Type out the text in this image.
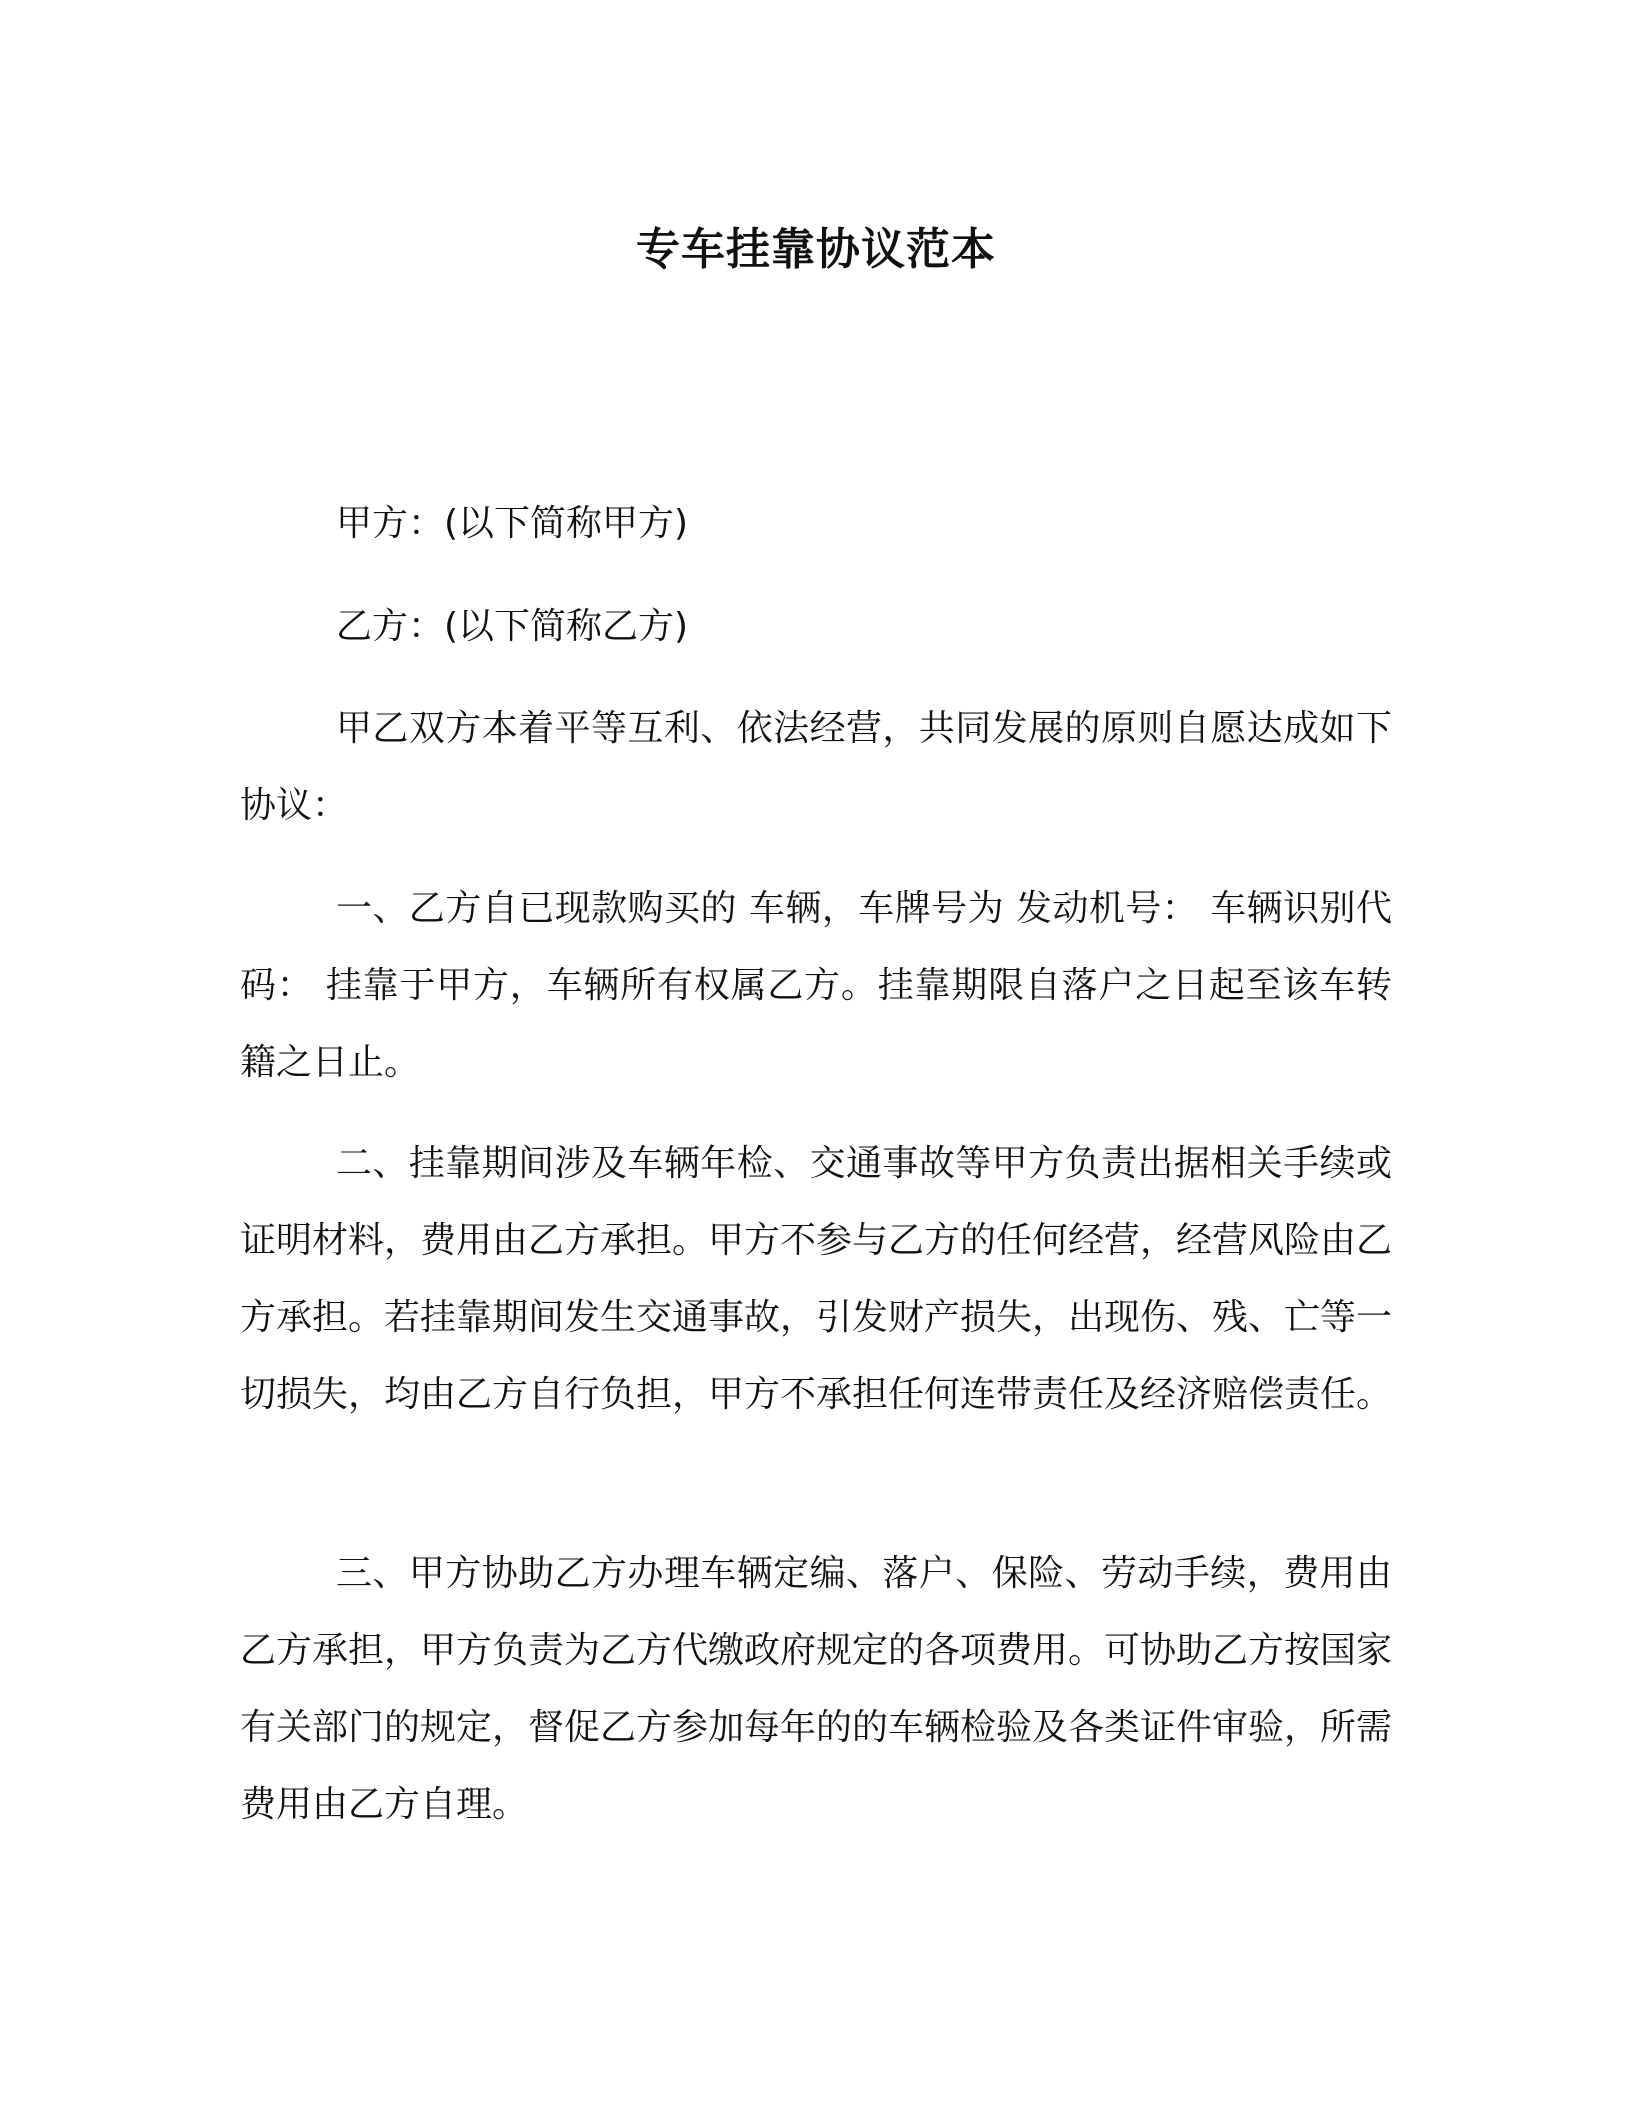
专车挂靠协议范本

甲方：(以下简称甲方)

乙方：(以下简称乙方)

甲乙双方本着平等互利、依法经营，共同发展的原则自愿达成如下协议：

一、乙方自已现款购买的 车辆，车牌号为 发动机号： 车辆识别代码： 挂靠于甲方，车辆所有权属乙方。挂靠期限自落户之日起至该车转籍之日止。

二、挂靠期间涉及车辆年检、交通事故等甲方负责出据相关手续或证明材料，费用由乙方承担。甲方不参与乙方的任何经营，经营风险由乙方承担。若挂靠期间发生交通事故，引发财产损失，出现伤、残、亡等一切损失，均由乙方自行负担，甲方不承担任何连带责任及经济赔偿责任。

三、甲方协助乙方办理车辆定编、落户、保险、劳动手续，费用由乙方承担，甲方负责为乙方代缴政府规定的各项费用。可协助乙方按国家有关部门的规定，督促乙方参加每年的的车辆检验及各类证件审验，所需费用由乙方自理。
